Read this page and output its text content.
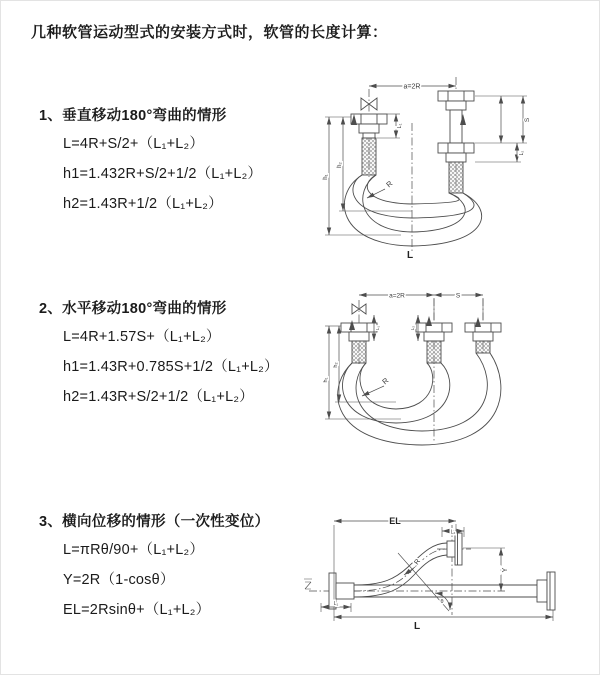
几种软管运动型式的安装方式时，软管的长度计算：
1、垂直移动180°弯曲的情形
L=4R+S/2+（L₁+L₂）
h1=1.432R+S/2+1/2（L₁+L₂）
h2=1.43R+1/2（L₁+L₂）
2、水平移动180°弯曲的情形
L=4R+1.57S+（L₁+L₂）
h1=1.43R+0.785S+1/2（L₁+L₂）
h2=1.43R+S/2+1/2（L₁+L₂）
3、横向位移的情形（一次性变位）
L=πRθ/90+（L₁+L₂）
Y=2R（1-cosθ）
EL=2Rsinθ+（L₁+L₂）
a=2R
L₁
S
L₂
h₁
h₂
R
L
a=2R	S
L₁	L₂
h₁
h₂
R
EL
L₂
Y
R
θ
L
L₁
